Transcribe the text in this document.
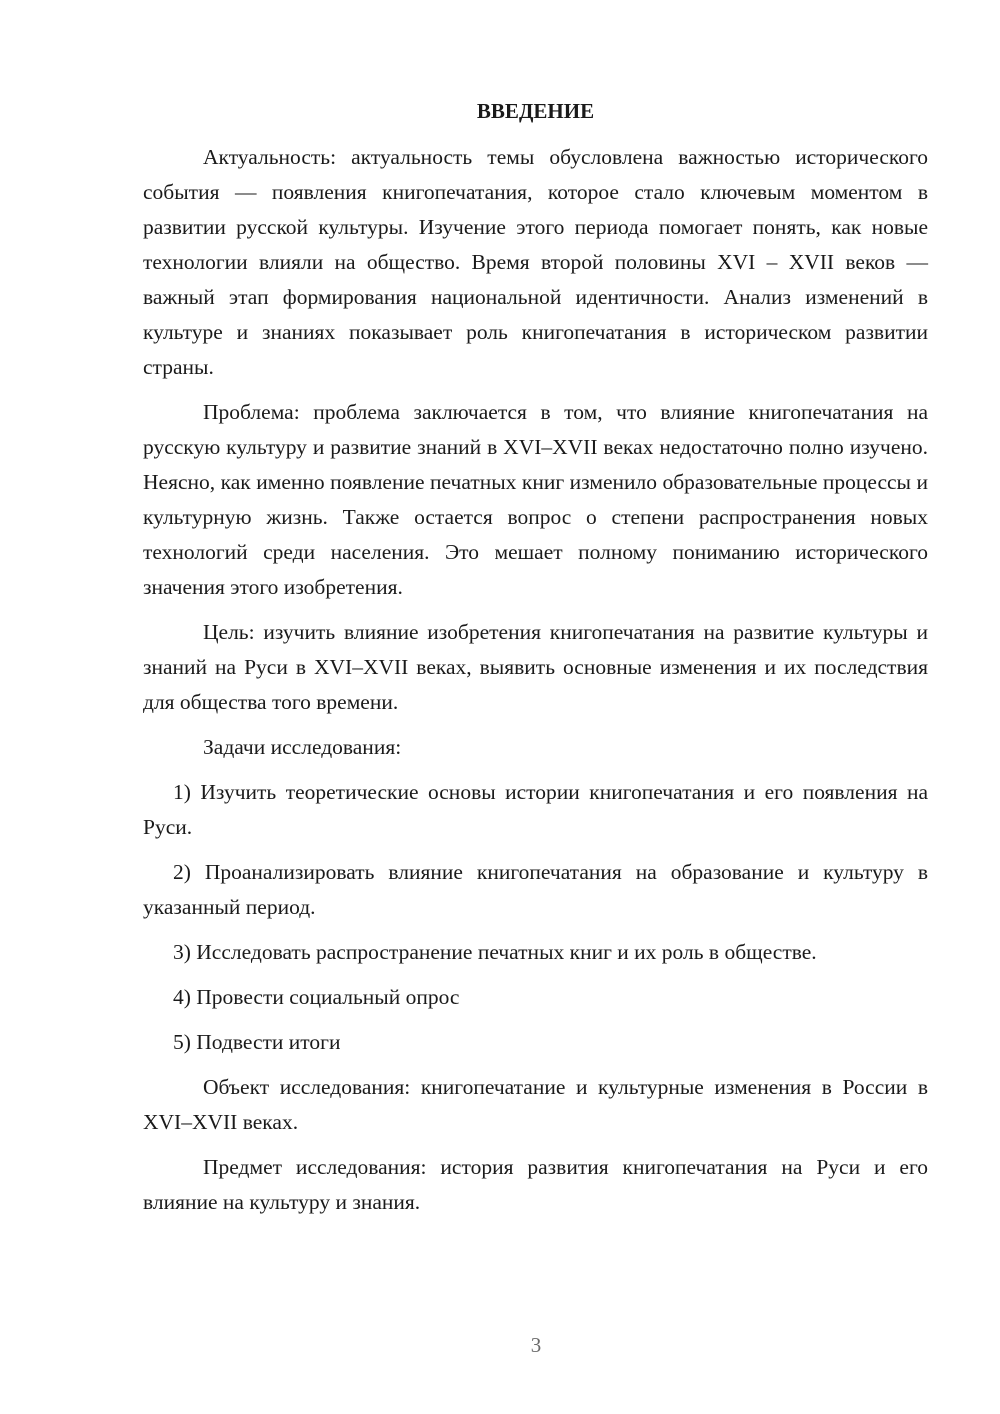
ВВЕДЕНИЕ

Актуальность: актуальность темы обусловлена важностью исторического события — появления книгопечатания, которое стало ключевым моментом в развитии русской культуры. Изучение этого периода помогает понять, как новые технологии влияли на общество. Время второй половины XVI – XVII веков — важный этап формирования национальной идентичности. Анализ изменений в культуре и знаниях показывает роль книгопечатания в историческом развитии страны.

Проблема: проблема заключается в том, что влияние книгопечатания на русскую культуру и развитие знаний в XVI–XVII веках недостаточно полно изучено. Неясно, как именно появление печатных книг изменило образовательные процессы и культурную жизнь. Также остается вопрос о степени распространения новых технологий среди населения. Это мешает полному пониманию исторического значения этого изобретения.

Цель: изучить влияние изобретения книгопечатания на развитие культуры и знаний на Руси в XVI–XVII веках, выявить основные изменения и их последствия для общества того времени.

Задачи исследования:

1) Изучить теоретические основы истории книгопечатания и его появления на Руси.

2) Проанализировать влияние книгопечатания на образование и культуру в указанный период.

3) Исследовать распространение печатных книг и их роль в обществе.

4) Провести социальный опрос

5) Подвести итоги

Объект исследования: книгопечатание и культурные изменения в России в XVI–XVII веках.

Предмет исследования: история развития книгопечатания на Руси и его влияние на культуру и знания.

3
